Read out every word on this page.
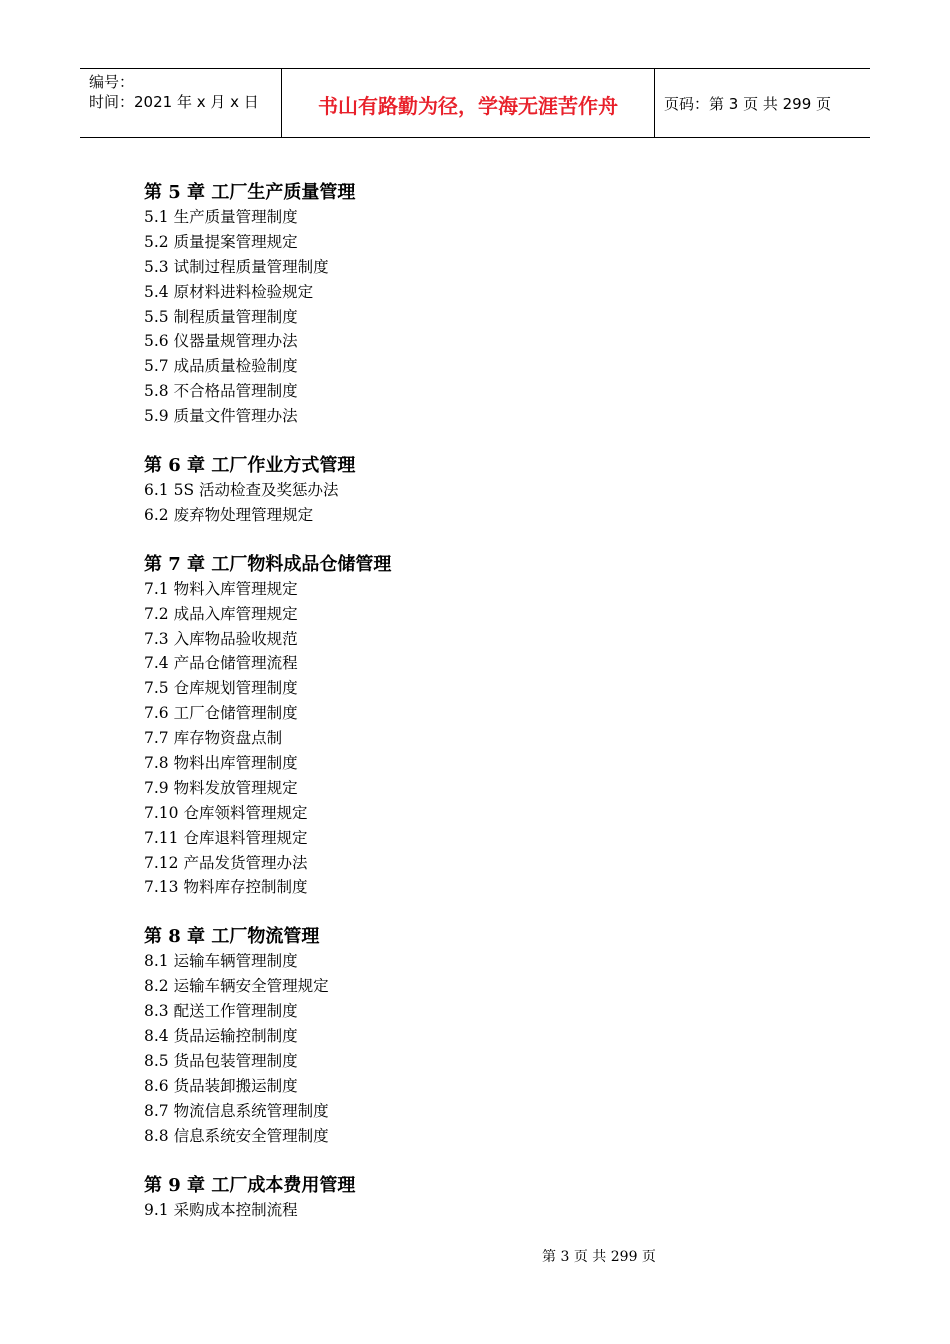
编号：
时间：2021 年 x 月 x 日	书山有路勤为径，学海无涯苦作舟	页码：第 3 页 共 299 页
第 5 章 工厂生产质量管理
5.1 生产质量管理制度
5.2 质量提案管理规定
5.3 试制过程质量管理制度
5.4 原材料进料检验规定
5.5 制程质量管理制度
5.6 仪器量规管理办法
5.7 成品质量检验制度
5.8 不合格品管理制度
5.9 质量文件管理办法
第 6 章 工厂作业方式管理
6.1 5S 活动检查及奖惩办法
6.2 废弃物处理管理规定
第 7 章 工厂物料成品仓储管理
7.1 物料入库管理规定
7.2 成品入库管理规定
7.3 入库物品验收规范
7.4 产品仓储管理流程
7.5 仓库规划管理制度
7.6 工厂仓储管理制度
7.7 库存物资盘点制
7.8 物料出库管理制度
7.9 物料发放管理规定
7.10 仓库领料管理规定
7.11 仓库退料管理规定
7.12 产品发货管理办法
7.13 物料库存控制制度
第 8 章 工厂物流管理
8.1 运输车辆管理制度
8.2 运输车辆安全管理规定
8.3 配送工作管理制度
8.4 货品运输控制制度
8.5 货品包装管理制度
8.6 货品装卸搬运制度
8.7 物流信息系统管理制度
8.8 信息系统安全管理制度
第 9 章 工厂成本费用管理
9.1 采购成本控制流程
第 3 页 共 299 页
